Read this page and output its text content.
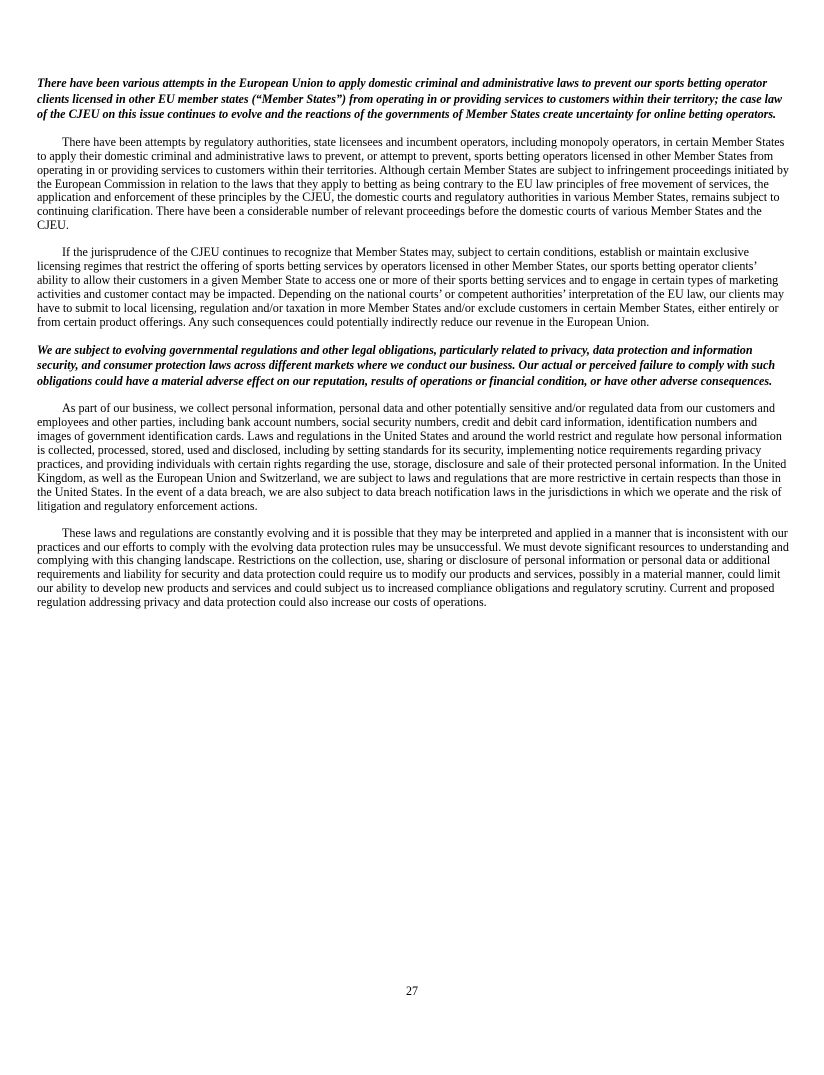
There have been various attempts in the European Union to apply domestic criminal and administrative laws to prevent our sports betting operator clients licensed in other EU member states (“Member States”) from operating in or providing services to customers within their territory; the case law of the CJEU on this issue continues to evolve and the reactions of the governments of Member States create uncertainty for online betting operators.

There have been attempts by regulatory authorities, state licensees and incumbent operators, including monopoly operators, in certain Member States to apply their domestic criminal and administrative laws to prevent, or attempt to prevent, sports betting operators licensed in other Member States from operating in or providing services to customers within their territories. Although certain Member States are subject to infringement proceedings initiated by the European Commission in relation to the laws that they apply to betting as being contrary to the EU law principles of free movement of services, the application and enforcement of these principles by the CJEU, the domestic courts and regulatory authorities in various Member States, remains subject to continuing clarification. There have been a considerable number of relevant proceedings before the domestic courts of various Member States and the CJEU.

If the jurisprudence of the CJEU continues to recognize that Member States may, subject to certain conditions, establish or maintain exclusive licensing regimes that restrict the offering of sports betting services by operators licensed in other Member States, our sports betting operator clients’ ability to allow their customers in a given Member State to access one or more of their sports betting services and to engage in certain types of marketing activities and customer contact may be impacted. Depending on the national courts’ or competent authorities’ interpretation of the EU law, our clients may have to submit to local licensing, regulation and/or taxation in more Member States and/or exclude customers in certain Member States, either entirely or from certain product offerings. Any such consequences could potentially indirectly reduce our revenue in the European Union.

We are subject to evolving governmental regulations and other legal obligations, particularly related to privacy, data protection and information security, and consumer protection laws across different markets where we conduct our business. Our actual or perceived failure to comply with such obligations could have a material adverse effect on our reputation, results of operations or financial condition, or have other adverse consequences.

As part of our business, we collect personal information, personal data and other potentially sensitive and/or regulated data from our customers and employees and other parties, including bank account numbers, social security numbers, credit and debit card information, identification numbers and images of government identification cards. Laws and regulations in the United States and around the world restrict and regulate how personal information is collected, processed, stored, used and disclosed, including by setting standards for its security, implementing notice requirements regarding privacy practices, and providing individuals with certain rights regarding the use, storage, disclosure and sale of their protected personal information. In the United Kingdom, as well as the European Union and Switzerland, we are subject to laws and regulations that are more restrictive in certain respects than those in the United States. In the event of a data breach, we are also subject to data breach notification laws in the jurisdictions in which we operate and the risk of litigation and regulatory enforcement actions.

These laws and regulations are constantly evolving and it is possible that they may be interpreted and applied in a manner that is inconsistent with our practices and our efforts to comply with the evolving data protection rules may be unsuccessful. We must devote significant resources to understanding and complying with this changing landscape. Restrictions on the collection, use, sharing or disclosure of personal information or personal data or additional requirements and liability for security and data protection could require us to modify our products and services, possibly in a material manner, could limit our ability to develop new products and services and could subject us to increased compliance obligations and regulatory scrutiny. Current and proposed regulation addressing privacy and data protection could also increase our costs of operations.

27
